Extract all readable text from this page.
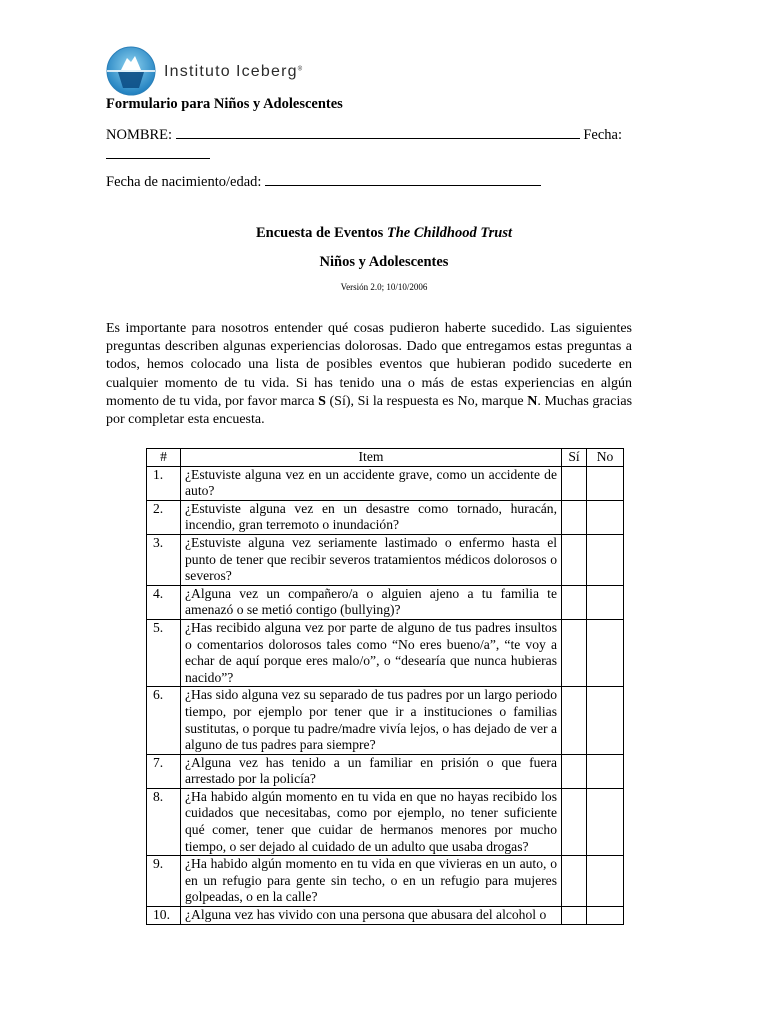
Instituto Iceberg®
Formulario para Niños y Adolescentes
NOMBRE:	Fecha:
Fecha de nacimiento/edad:
Encuesta de Eventos The Childhood Trust
Niños y Adolescentes
Versión 2.0; 10/10/2006
Es importante para nosotros entender qué cosas pudieron haberte sucedido. Las siguientes preguntas describen algunas experiencias dolorosas. Dado que entregamos estas preguntas a todos, hemos colocado una lista de posibles eventos que hubieran podido sucederte en cualquier momento de tu vida. Si has tenido una o más de estas experiencias en algún momento de tu vida, por favor marca S (Sí), Si la respuesta es No, marque N. Muchas gracias por completar esta encuesta.
#	Item	Sí	No
1.	¿Estuviste alguna vez en un accidente grave, como un accidente de auto?		
2.	¿Estuviste alguna vez en un desastre como tornado, huracán, incendio, gran terremoto o inundación?		
3.	¿Estuviste alguna vez seriamente lastimado o enfermo hasta el punto de tener que recibir severos tratamientos médicos dolorosos o severos?		
4.	¿Alguna vez un compañero/a o alguien ajeno a tu familia te amenazó o se metió contigo (bullying)?		
5.	¿Has recibido alguna vez por parte de alguno de tus padres insultos o comentarios dolorosos tales como “No eres bueno/a”, “te voy a echar de aquí porque eres malo/o”, o “desearía que nunca hubieras nacido”?		
6.	¿Has sido alguna vez su separado de tus padres por un largo periodo tiempo, por ejemplo por tener que ir a instituciones o familias sustitutas, o porque tu padre/madre vivía lejos, o has dejado de ver a alguno de tus padres para siempre?		
7.	¿Alguna vez has tenido a un familiar en prisión o que fuera arrestado por la policía?		
8.	¿Ha habido algún momento en tu vida en que no hayas recibido los cuidados que necesitabas, como por ejemplo, no tener suficiente qué comer, tener que cuidar de hermanos menores por mucho tiempo, o ser dejado al cuidado de un adulto que usaba drogas?		
9.	¿Ha habido algún momento en tu vida en que vivieras en un auto, o en un refugio para gente sin techo, o en un refugio para mujeres golpeadas, o en la calle?		
10.	¿Alguna vez has vivido con una persona que abusara del alcohol o		
